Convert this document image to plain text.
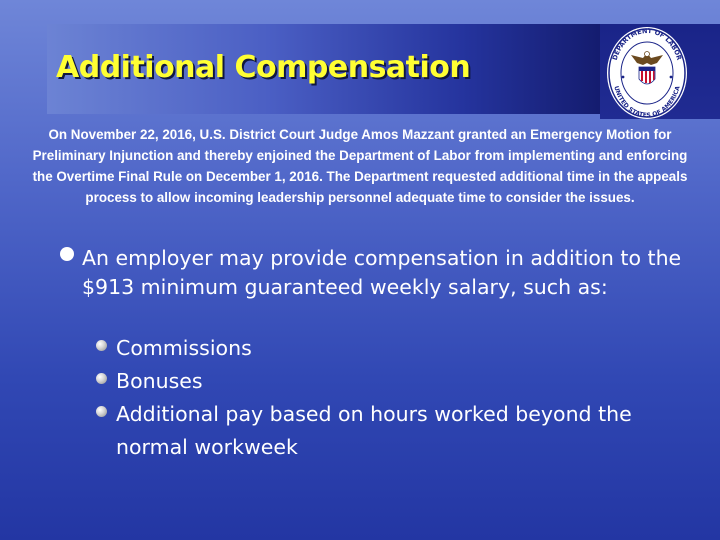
Additional Compensation	DEPARTMENT OF LABOR
UNITED STATES OF AMERICA

On November 22, 2016, U.S. District Court Judge Amos Mazzant granted an Emergency Motion for Preliminary Injunction and thereby enjoined the Department of Labor from implementing and enforcing the Overtime Final Rule on December 1, 2016. The Department requested additional time in the appeals process to allow incoming leadership personnel adequate time to consider the issues.

An employer may provide compensation in addition to the $913 minimum guaranteed weekly salary, such as:
Commissions
Bonuses
Additional pay based on hours worked beyond the normal workweek
